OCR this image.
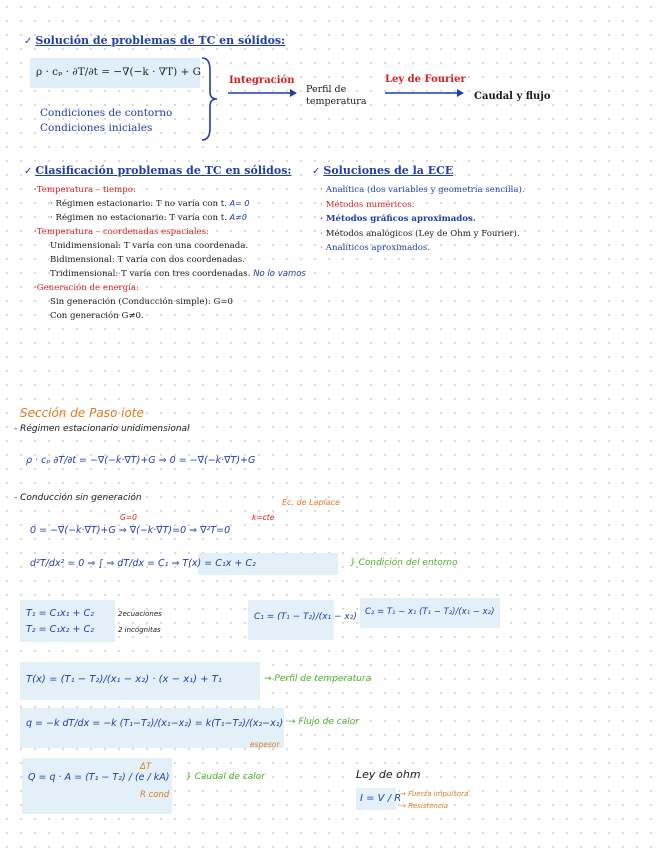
✓ Solución de problemas de TC en sólidos:
ρ · cₚ · ∂T/∂t = −∇(−k · ∇T) + G
Condiciones de contorno
Condiciones iniciales
Integración
Perfil de
temperatura
Ley de Fourier
Caudal y flujo
✓ Clasificación problemas de TC en sólidos:
·Temperatura – tiempo:
· Régimen estacionario: T no varía con t. A= 0
· Régimen no estacionario: T varía con t. A≠0
·Temperatura – coordenadas espaciales:
Unidimensional: T varía con una coordenada.
Bidimensional: T varía con dos coordenadas.
Tridimensional: T varía con tres coordenadas. No lo vamos
·Generación de energía:
Sin generación (Conducción simple): G=0
Con generación G≠0.
✓ Soluciones de la ECE
· Analítica (dos variables y geometría sencilla).
· Métodos numéricos.
· Métodos gráficos aproximados.
· Métodos analógicos (Ley de Ohm y Fourier).
· Analíticos aproximados.
Sección de Paso iote
- Régimen estacionario unidimensional
ρ · cₚ ∂T/∂t = −∇(−k·∇T)+G ⇒ 0 = −∇(−k·∇T)+G
- Conducción sin generación	Ec. de Laplace
G=0	k=cte
0 = −∇(−k·∇T)+G ⇒ ∇(−k·∇T)=0 ⇒ ∇²T=0
d²T/dx² = 0 ⇒ ∫ ⇒ dT/dx = C₁ ⇒ T(x) = C₁x + C₂	} Condición del entorno
T₁ = C₁x₁ + C₂
T₂ = C₁x₂ + C₂
2ecuaciones
2 incógnitas
C₁ = (T₁ − T₂)/(x₁ − x₂) C₂ = T₁ − x₁ (T₁ − T₂)/(x₁ − x₂)
T(x) = (T₁ − T₂)/(x₁ − x₂) · (x − x₁) + T₁	→ Perfil de temperatura
q = −k dT/dx = −k (T₁−T₂)/(x₁−x₂) = k(T₁−T₂)/(x₂−x₁) → Flujo de calor
espesor
Q = q · A = (T₁ − T₂) / (e / kA)
ΔT
R cond
} Caudal de calor	Ley de ohm
I = V / R
→ Fuerza impulsora
→ Resistencia
